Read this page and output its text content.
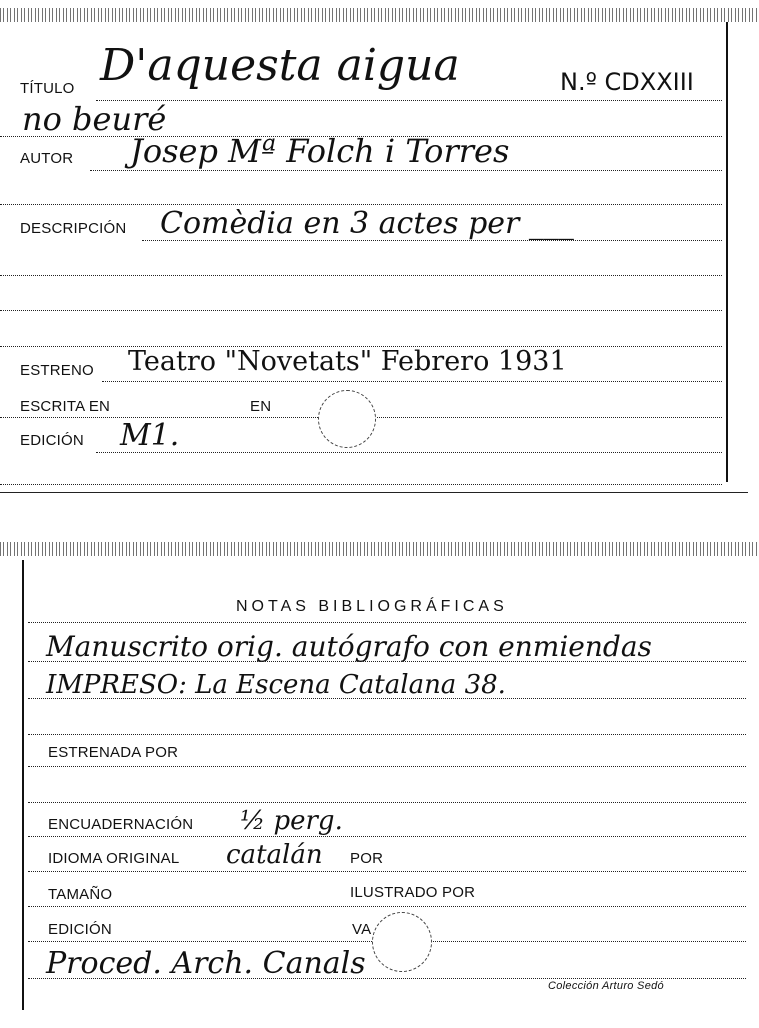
TÍTULO D'aquesta aigua	N.º CDXXIII
no beuré
AUTOR Josep Mª Folch i Torres
DESCRIPCIÓN Comèdia en 3 actes per ___
ESTRENO Teatro "Novetats" Febrero 1931
ESCRITA EN	EN
EDICIÓN M1.
NOTAS BIBLIOGRÁFICAS
Manuscrito orig. autógrafo con enmiendas
IMPRESO: La Escena Catalana 38.
ESTRENADA POR
ENCUADERNACIÓN ½ perg.
IDIOMA ORIGINAL catalán POR
TAMAÑO	ILUSTRADO POR
EDICIÓN	VA
Proced. Arch. Canals
Colección Arturo Sedó
